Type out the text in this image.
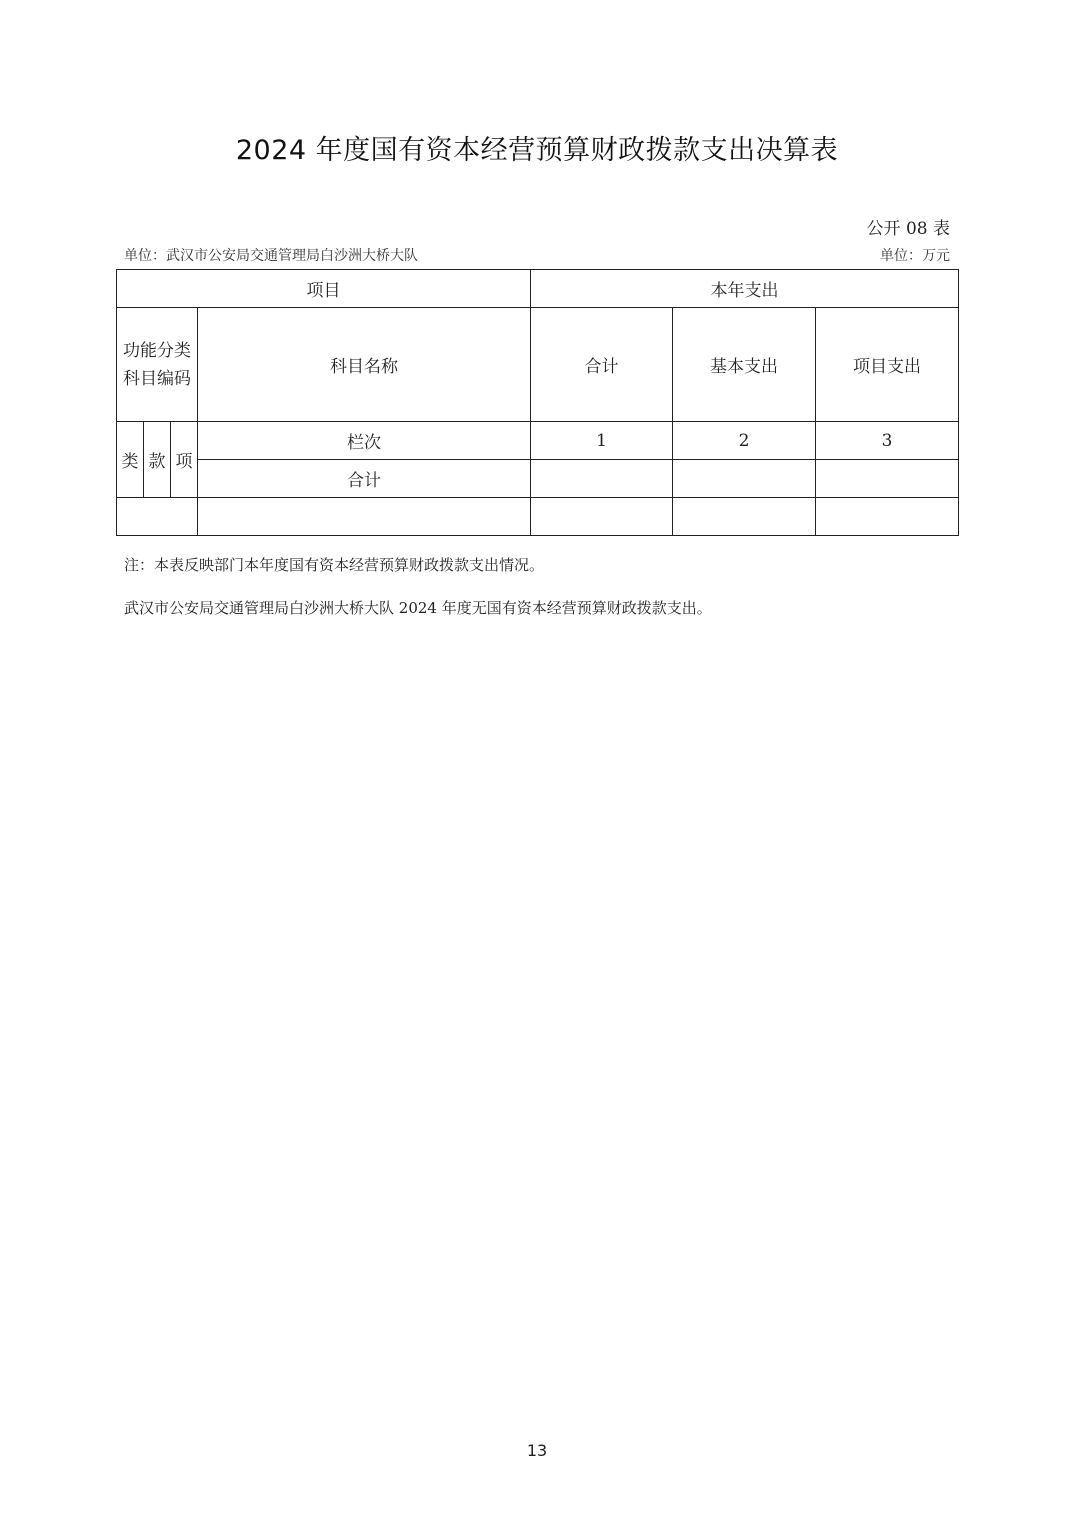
2024 年度国有资本经营预算财政拨款支出决算表
公开 08 表
单位：武汉市公安局交通管理局白沙洲大桥大队	单位：万元
项目				本年支出		

功能分类科目编码			科目名称	合计	基本支出	项目支出
类	款	项	栏次	1	2	3
			合计			

注：本表反映部门本年度国有资本经营预算财政拨款支出情况。
武汉市公安局交通管理局白沙洲大桥大队 2024 年度无国有资本经营预算财政拨款支出。
13
